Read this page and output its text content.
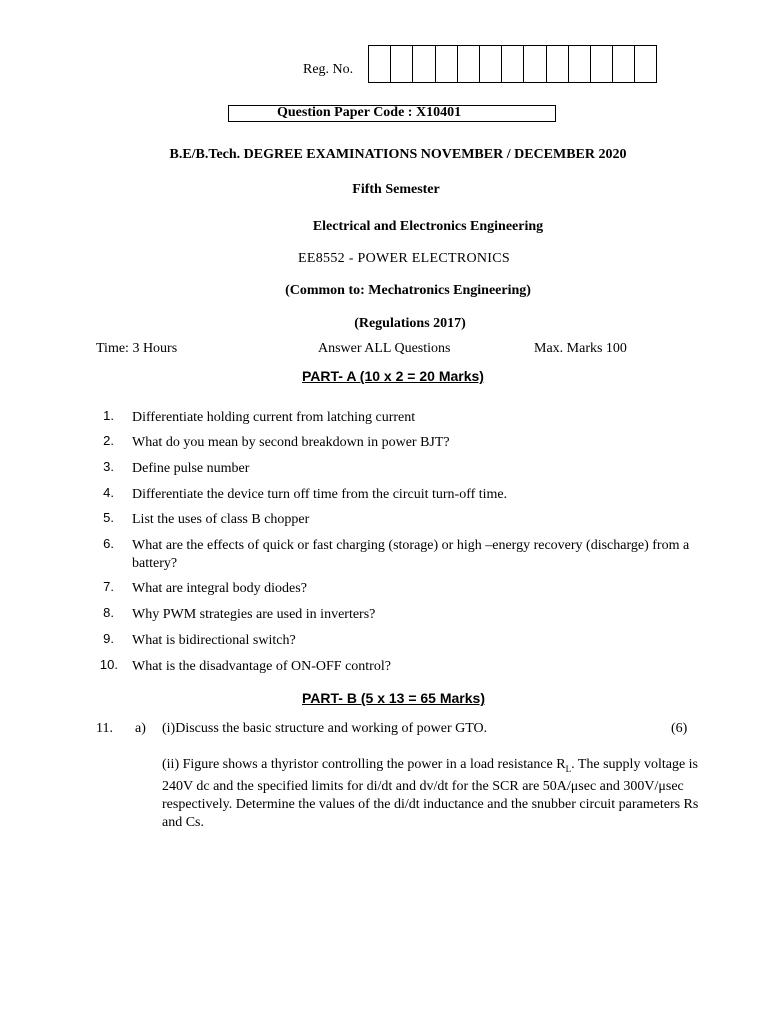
Reg. No.
Question Paper Code : X10401
B.E/B.Tech. DEGREE EXAMINATIONS NOVEMBER / DECEMBER 2020
Fifth Semester
Electrical and Electronics Engineering
EE8552 - POWER ELECTRONICS
(Common to: Mechatronics Engineering)
(Regulations 2017)
Time: 3 Hours	Answer ALL Questions	Max. Marks 100
PART- A (10 x 2 = 20 Marks)
1. Differentiate holding current from latching current
2. What do you mean by second breakdown in power BJT?
3. Define pulse number
4. Differentiate the device turn off time from the circuit turn-off time.
5. List the uses of class B chopper
6. What are the effects of quick or fast charging (storage) or high –energy recovery (discharge) from a battery?
7. What are integral body diodes?
8. Why PWM strategies are used in inverters?
9. What is bidirectional switch?
10. What is the disadvantage of ON-OFF control?
PART- B (5 x 13 = 65 Marks)
11. a) (i)Discuss the basic structure and working of power GTO.	(6)
(ii) Figure shows a thyristor controlling the power in a load resistance $R_L$. The supply voltage is 240V dc and the specified limits for di/dt and dv/dt for the SCR are 50A/μsec and 300V/μsec respectively. Determine the values of the di/dt inductance and the snubber circuit parameters Rs and Cs.
